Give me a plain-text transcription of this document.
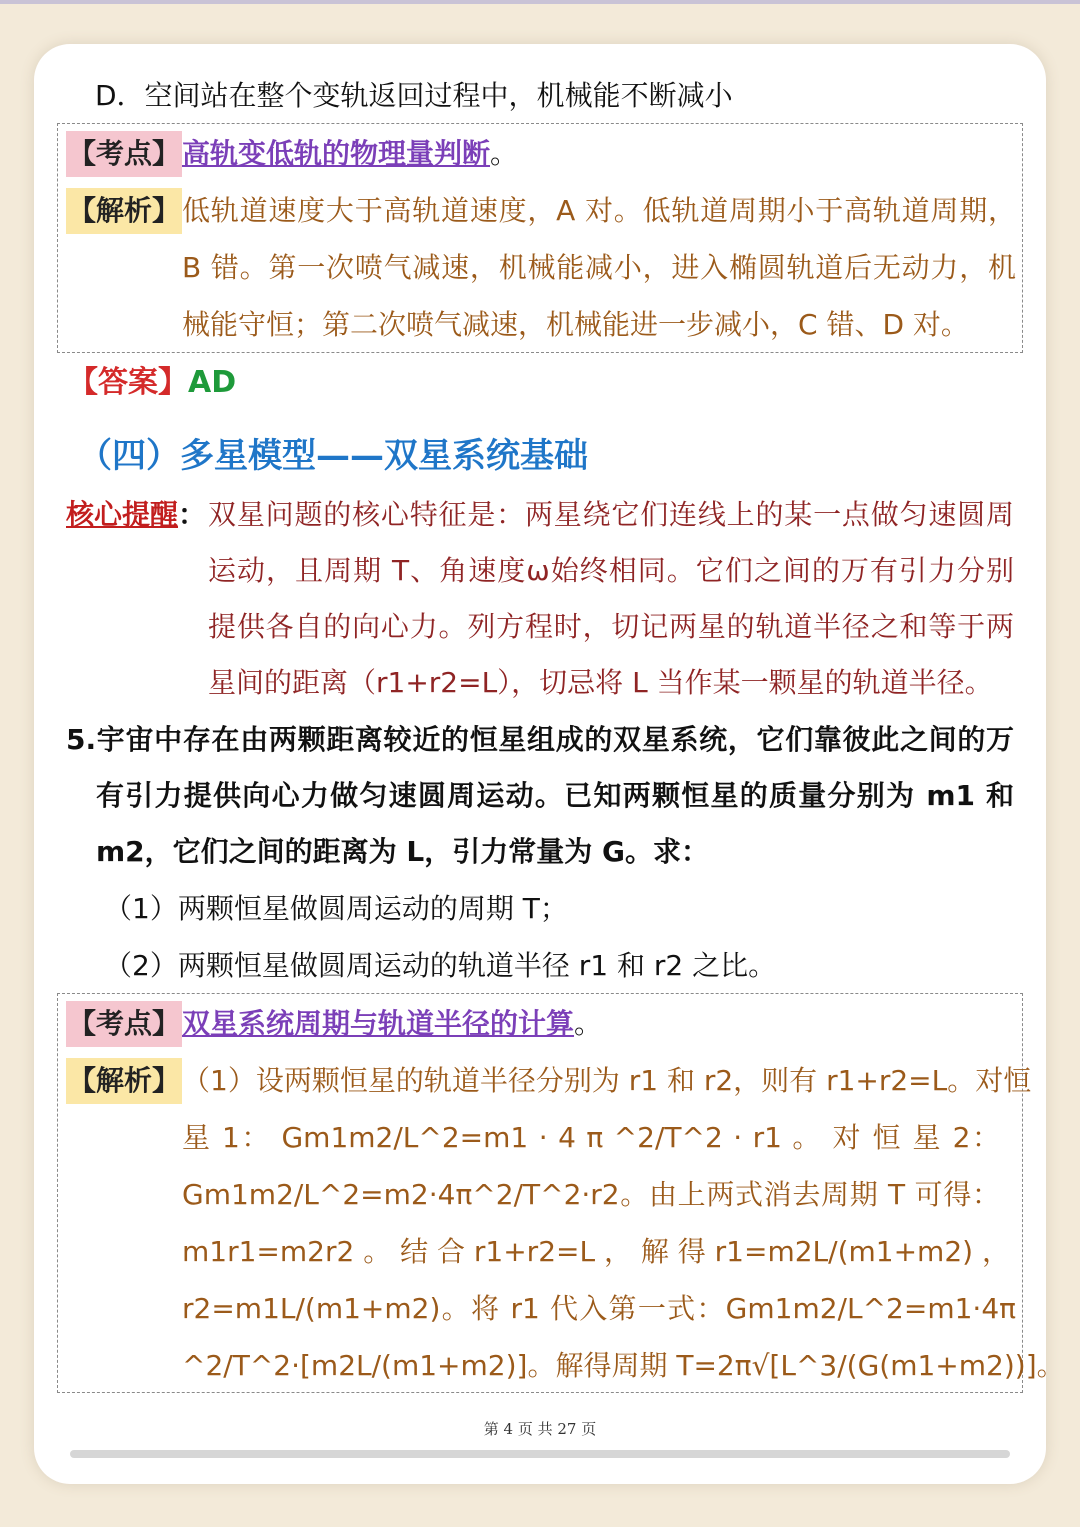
D．空间站在整个变轨返回过程中，机械能不断减小
【考点】 高轨变低轨的物理量判断。
【解析】 低轨道速度大于高轨道速度，A 对。低轨道周期小于高轨道周期，
B 错。第一次喷气减速，机械能减小，进入椭圆轨道后无动力，机
械能守恒；第二次喷气减速，机械能进一步减小，C 错、D 对。
【答案】AD
（四）多星模型——双星系统基础
核心提醒： 双星问题的核心特征是：两星绕它们连线上的某一点做匀速圆周
运动，且周期 T、角速度ω始终相同。它们之间的万有引力分别
提供各自的向心力。列方程时，切记两星的轨道半径之和等于两
星间的距离（r1+r2=L），切忌将 L 当作某一颗星的轨道半径。
5.宇宙中存在由两颗距离较近的恒星组成的双星系统，它们靠彼此之间的万
有引力提供向心力做匀速圆周运动。已知两颗恒星的质量分别为 m1 和
m2，它们之间的距离为 L，引力常量为 G。求：
（1）两颗恒星做圆周运动的周期 T；
（2）两颗恒星做圆周运动的轨道半径 r1 和 r2 之比。
【考点】 双星系统周期与轨道半径的计算。
【解析】 （1）设两颗恒星的轨道半径分别为 r1 和 r2，则有 r1+r2=L。对恒
星 1： Gm1m2/L^2=m1 · 4 π ^2/T^2 · r1 。 对 恒 星 2：
Gm1m2/L^2=m2·4π^2/T^2·r2。由上两式消去周期 T 可得：
m1r1=m2r2 。 结 合 r1+r2=L ， 解 得 r1=m2L/(m1+m2) ，
r2=m1L/(m1+m2)。将 r1 代入第一式：Gm1m2/L^2=m1·4π
^2/T^2·[m2L/(m1+m2)]。解得周期 T=2π√[L^3/(G(m1+m2))]。
第 4 页 共 27 页
